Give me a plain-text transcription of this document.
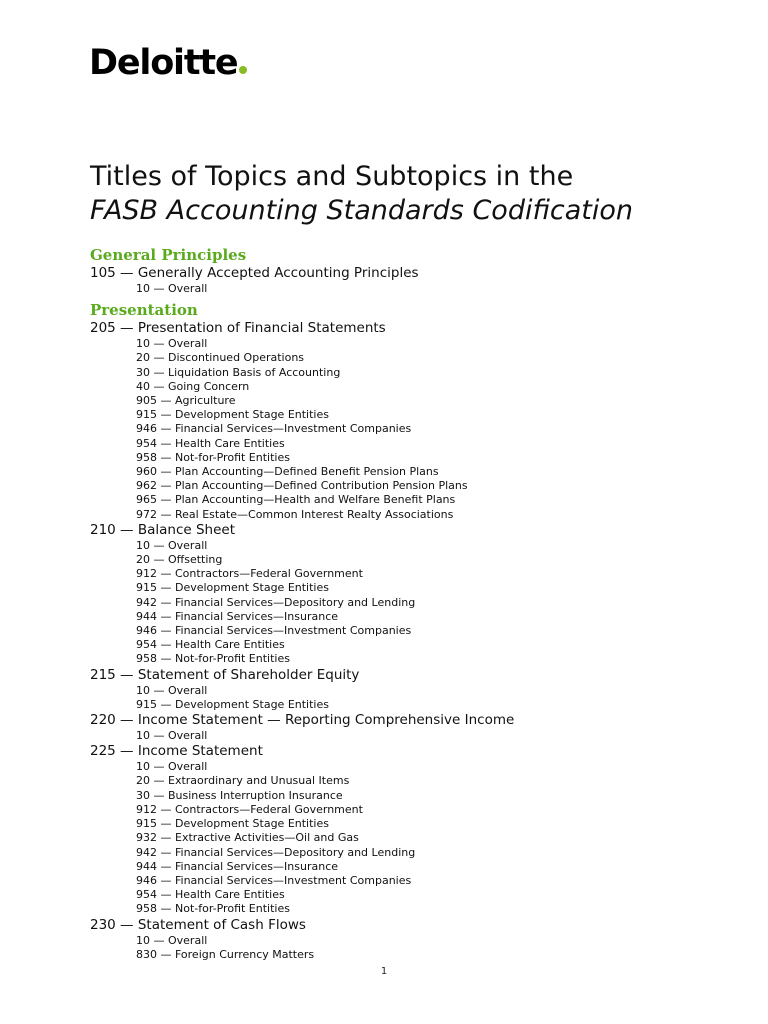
Deloitte
Titles of Topics and Subtopics in the
FASB Accounting Standards Codification
General Principles
105 — Generally Accepted Accounting Principles
10 — Overall
Presentation
205 — Presentation of Financial Statements
10 — Overall
20 — Discontinued Operations
30 — Liquidation Basis of Accounting
40 — Going Concern
905 — Agriculture
915 — Development Stage Entities
946 — Financial Services—Investment Companies
954 — Health Care Entities
958 — Not-for-Profit Entities
960 — Plan Accounting—Defined Benefit Pension Plans
962 — Plan Accounting—Defined Contribution Pension Plans
965 — Plan Accounting—Health and Welfare Benefit Plans
972 — Real Estate—Common Interest Realty Associations
210 — Balance Sheet
10 — Overall
20 — Offsetting
912 — Contractors—Federal Government
915 — Development Stage Entities
942 — Financial Services—Depository and Lending
944 — Financial Services—Insurance
946 — Financial Services—Investment Companies
954 — Health Care Entities
958 — Not-for-Profit Entities
215 — Statement of Shareholder Equity
10 — Overall
915 — Development Stage Entities
220 — Income Statement — Reporting Comprehensive Income
10 — Overall
225 — Income Statement
10 — Overall
20 — Extraordinary and Unusual Items
30 — Business Interruption Insurance
912 — Contractors—Federal Government
915 — Development Stage Entities
932 — Extractive Activities—Oil and Gas
942 — Financial Services—Depository and Lending
944 — Financial Services—Insurance
946 — Financial Services—Investment Companies
954 — Health Care Entities
958 — Not-for-Profit Entities
230 — Statement of Cash Flows
10 — Overall
830 — Foreign Currency Matters
1
